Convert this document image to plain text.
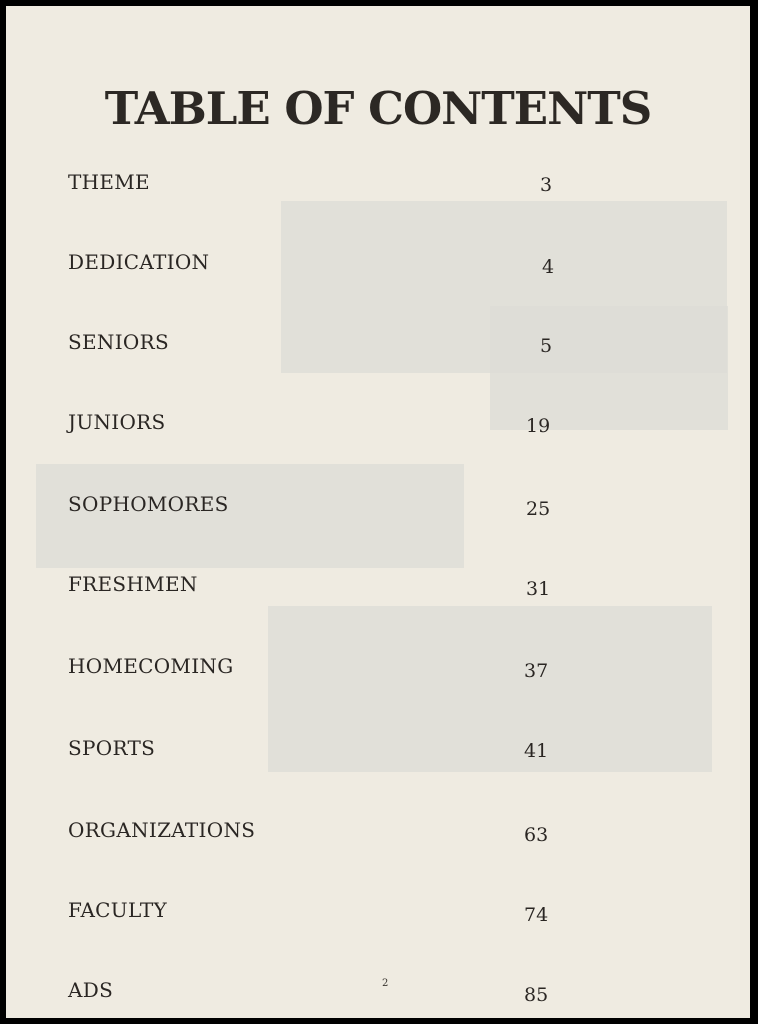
TABLE OF CONTENTS
THEME	3
DEDICATION	4
SENIORS	5
JUNIORS	19
SOPHOMORES	25
FRESHMEN	31
HOMECOMING	37
SPORTS	41
ORGANIZATIONS	63
FACULTY	74
ADS	85
2
